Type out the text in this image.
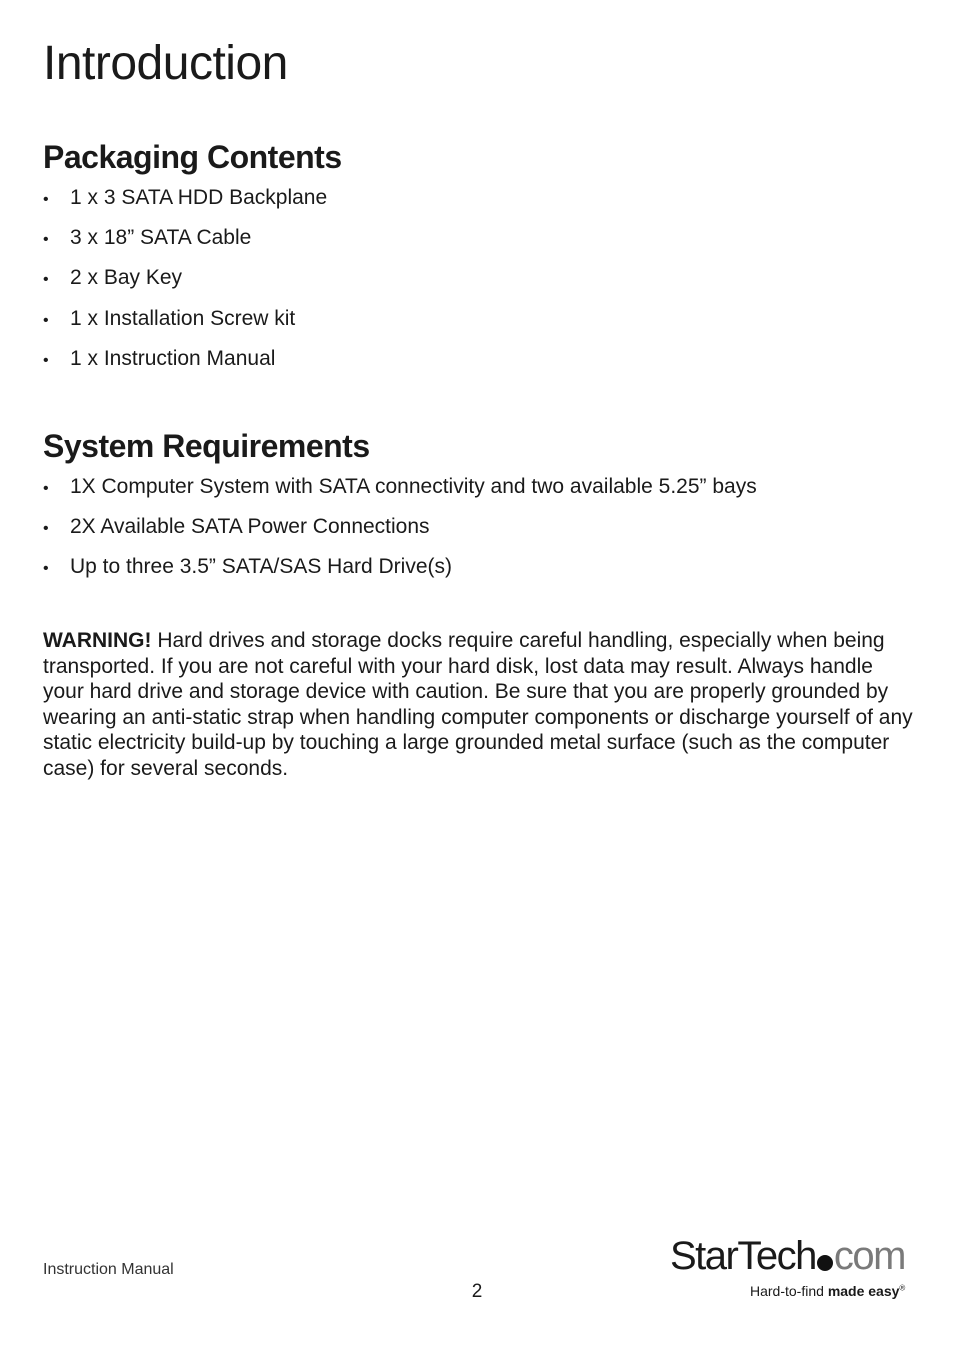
Introduction
Packaging Contents
•	1 x 3 SATA HDD Backplane
•	3 x 18” SATA Cable
•	2 x Bay Key
•	1 x Installation Screw kit
•	1 x Instruction Manual
System Requirements
•	1X Computer System with SATA connectivity and two available 5.25” bays
•	2X Available SATA Power Connections
•	Up to three 3.5” SATA/SAS Hard Drive(s)

WARNING! Hard drives and storage docks require careful handling, especially when being transported. If you are not careful with your hard disk, lost data may result. Always handle your hard drive and storage device with caution. Be sure that you are properly grounded by wearing an anti-static strap when handling computer components or discharge yourself of any static electricity build-up by touching a large grounded metal surface (such as the computer case) for several seconds.

Instruction Manual
2
StarTech com
Hard-to-find made easy®
